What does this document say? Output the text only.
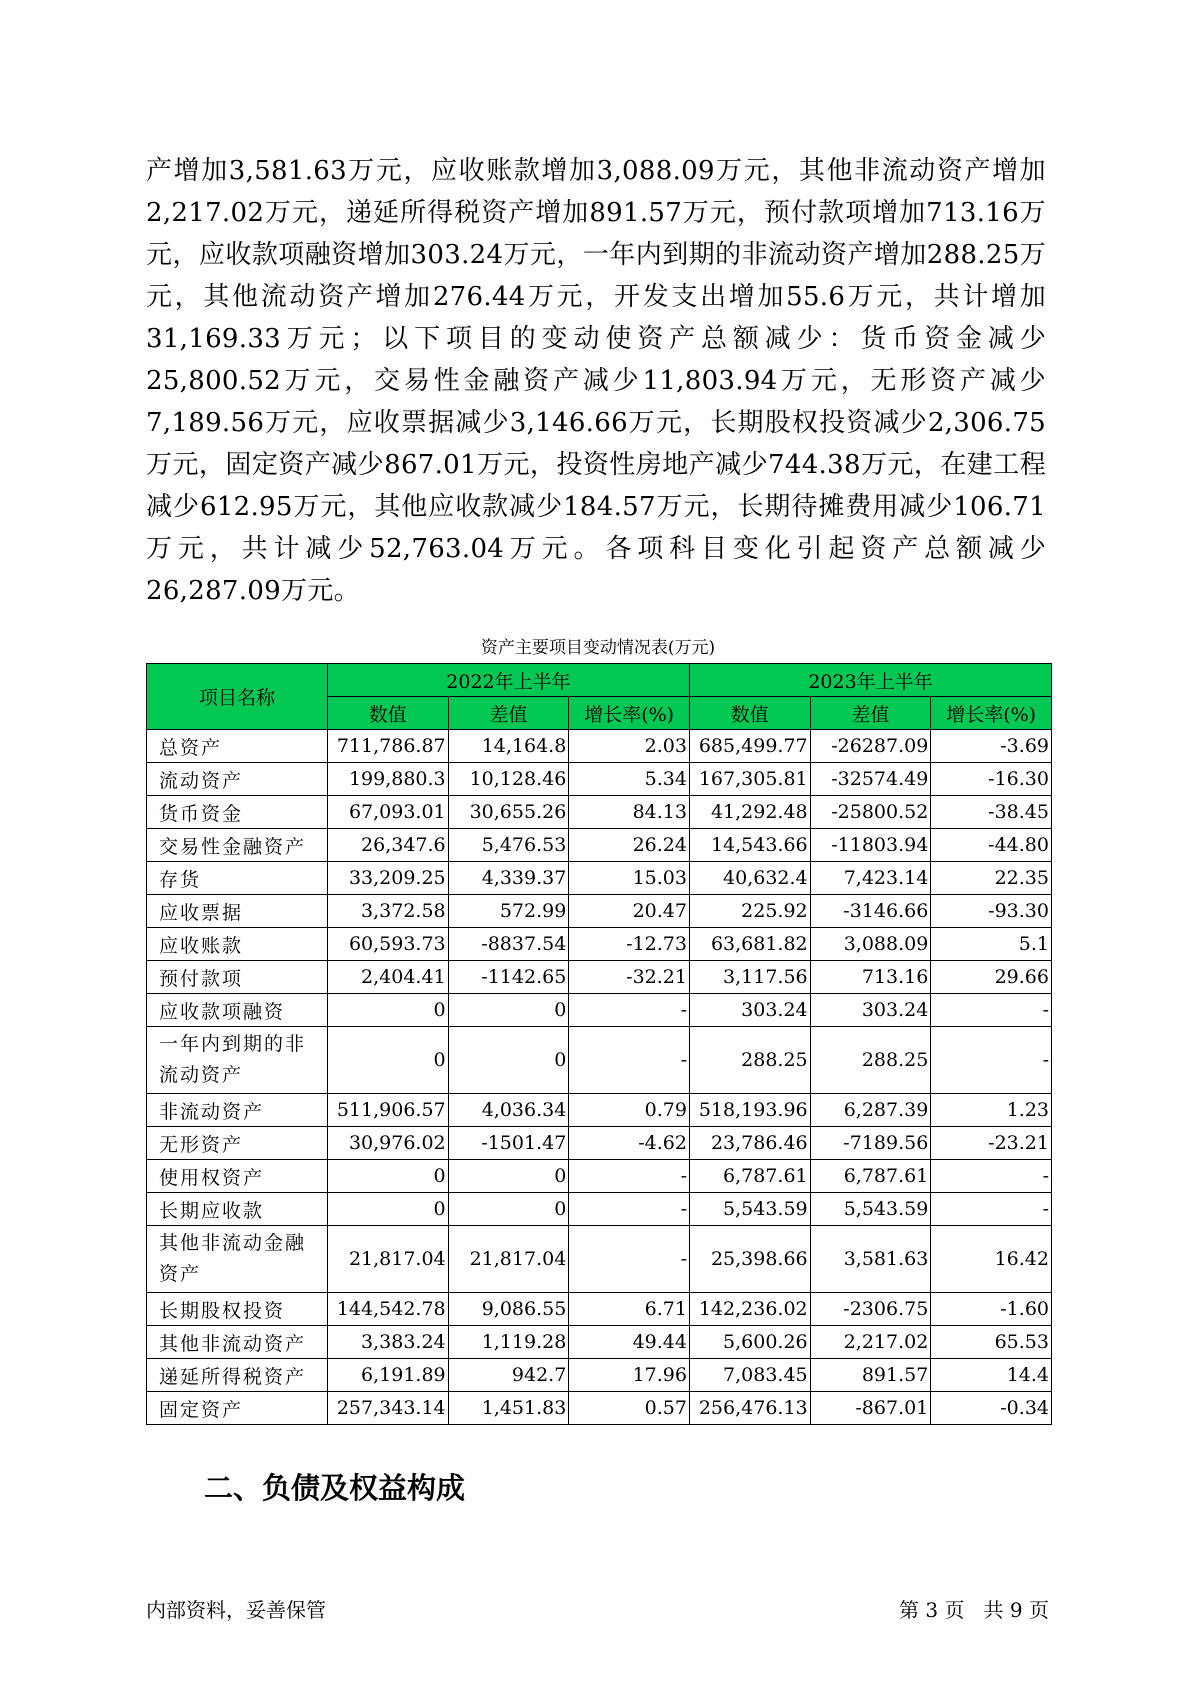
产增加3,581.63万元，应收账款增加3,088.09万元，其他非流动资产增加2,217.02万元，递延所得税资产增加891.57万元，预付款项增加713.16万元，应收款项融资增加303.24万元，一年内到期的非流动资产增加288.25万元，其他流动资产增加276.44万元，开发支出增加55.6万元，共计增加31,169.33万元；以下项目的变动使资产总额减少：货币资金减少25,800.52万元，交易性金融资产减少11,803.94万元，无形资产减少7,189.56万元，应收票据减少3,146.66万元，长期股权投资减少2,306.75万元，固定资产减少867.01万元，投资性房地产减少744.38万元，在建工程减少612.95万元，其他应收款减少184.57万元，长期待摊费用减少106.71万元，共计减少52,763.04万元。各项科目变化引起资产总额减少26,287.09万元。

资产主要项目变动情况表(万元)
项目名称	2022年上半年			2023年上半年		
	数值	差值	增长率(%)	数值	差值	增长率(%)
总资产	711,786.87	14,164.8	2.03	685,499.77	-26287.09	-3.69
流动资产	199,880.3	10,128.46	5.34	167,305.81	-32574.49	-16.30
货币资金	67,093.01	30,655.26	84.13	41,292.48	-25800.52	-38.45
交易性金融资产	26,347.6	5,476.53	26.24	14,543.66	-11803.94	-44.80
存货	33,209.25	4,339.37	15.03	40,632.4	7,423.14	22.35
应收票据	3,372.58	572.99	20.47	225.92	-3146.66	-93.30
应收账款	60,593.73	-8837.54	-12.73	63,681.82	3,088.09	5.1
预付款项	2,404.41	-1142.65	-32.21	3,117.56	713.16	29.66
应收款项融资	0	0	-	303.24	303.24	-
一年内到期的非流动资产	0	0	-	288.25	288.25	-
非流动资产	511,906.57	4,036.34	0.79	518,193.96	6,287.39	1.23
无形资产	30,976.02	-1501.47	-4.62	23,786.46	-7189.56	-23.21
使用权资产	0	0	-	6,787.61	6,787.61	-
长期应收款	0	0	-	5,543.59	5,543.59	-
其他非流动金融资产	21,817.04	21,817.04	-	25,398.66	3,581.63	16.42
长期股权投资	144,542.78	9,086.55	6.71	142,236.02	-2306.75	-1.60
其他非流动资产	3,383.24	1,119.28	49.44	5,600.26	2,217.02	65.53
递延所得税资产	6,191.89	942.7	17.96	7,083.45	891.57	14.4
固定资产	257,343.14	1,451.83	0.57	256,476.13	-867.01	-0.34
二、负债及权益构成
内部资料，妥善保管	第 3 页   共 9 页
